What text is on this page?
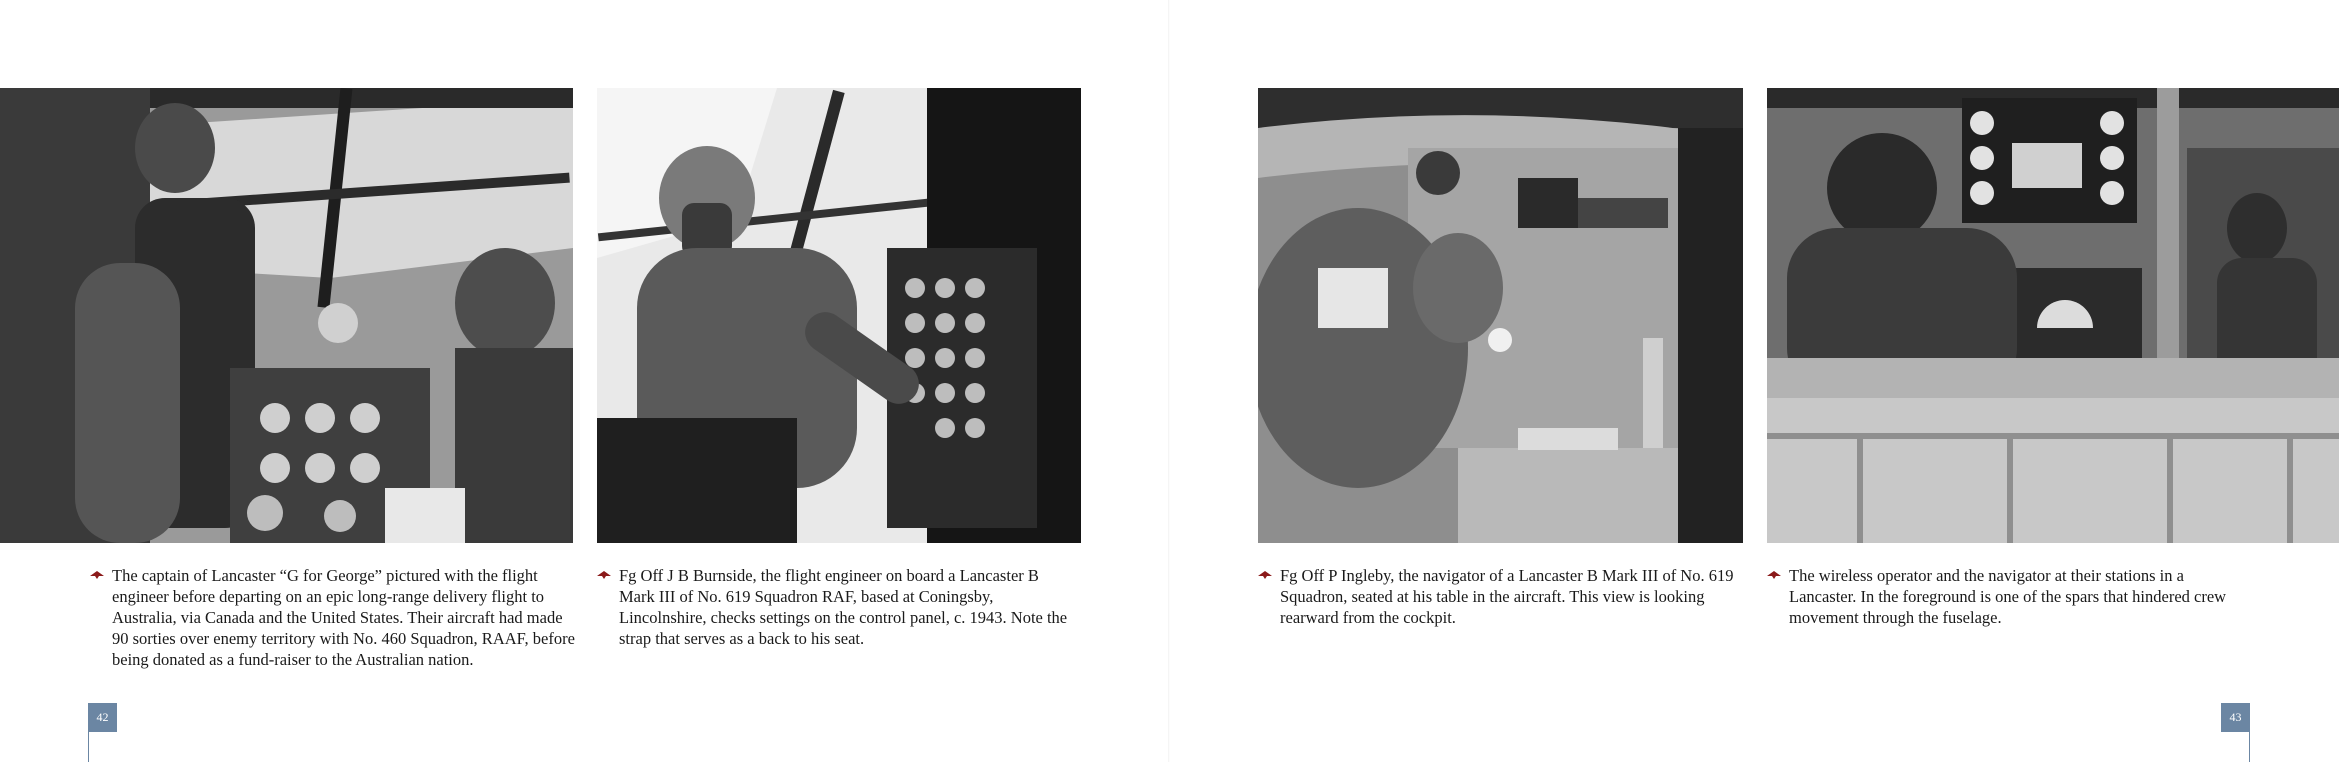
The captain of Lancaster “G for George” pictured with the flight engineer before departing on an epic long-range delivery flight to Australia, via Canada and the United States. Their aircraft had made 90 sorties over enemy territory with No. 460 Squadron, RAAF, before being donated as a fund-raiser to the Australian nation.
Fg Off J B Burnside, the flight engineer on board a Lancaster B Mark III of No. 619 Squadron RAF, based at Coningsby, Lincolnshire, checks settings on the control panel, c. 1943. Note the strap that serves as a back to his seat.
42
Fg Off P Ingleby, the navigator of a Lancaster B Mark III of No. 619 Squadron, seated at his table in the aircraft. This view is looking rearward from the cockpit.
The wireless operator and the navigator at their stations in a Lancaster. In the foreground is one of the spars that hindered crew movement through the fuselage.
43
